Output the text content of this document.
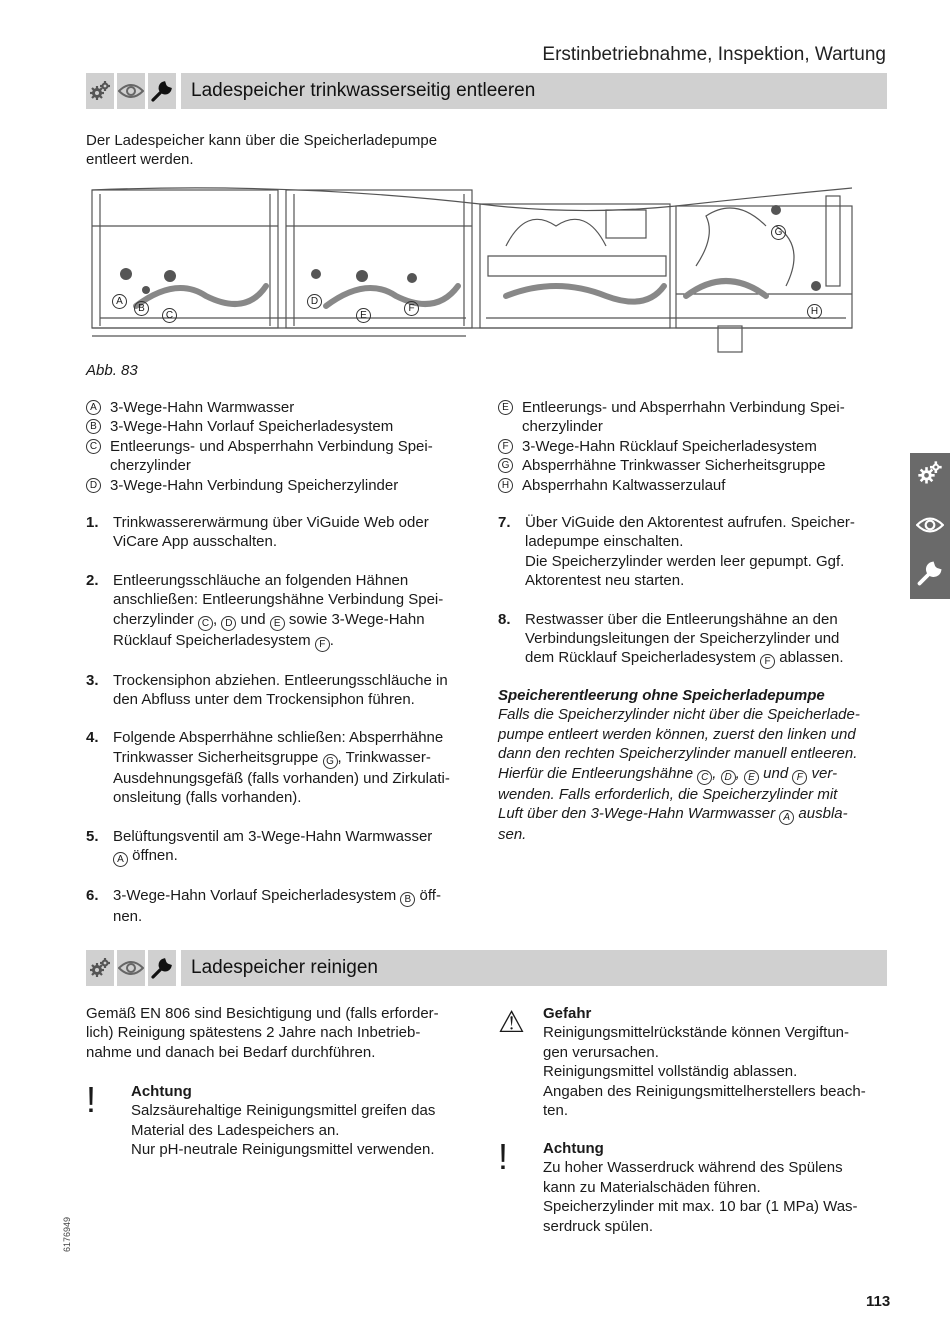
Erstinbetriebnahme, Inspektion, Wartung
Ladespeicher trinkwasserseitig entleeren
Der Ladespeicher kann über die Speicherladepumpe
entleert werden.
A
B
C
D
E
F
G
H
Abb. 83
A 3-Wege-Hahn Warmwasser
B 3-Wege-Hahn Vorlauf Speicherladesystem
C Entleerungs- und Absperrhahn Verbindung Spei-
cherzylinder
D 3-Wege-Hahn Verbindung Speicherzylinder
E Entleerungs- und Absperrhahn Verbindung Spei-
cherzylinder
F 3-Wege-Hahn Rücklauf Speicherladesystem
G Absperrhähne Trinkwasser Sicherheitsgruppe
H Absperrhahn Kaltwasserzulauf
1. Trinkwassererwärmung über ViGuide Web oder
ViCare App ausschalten.
2. Entleerungsschläuche an folgenden Hähnen
anschließen: Entleerungshähne Verbindung Spei-
cherzylinder C , D und E sowie 3-Wege-Hahn
Rücklauf Speicherladesystem F .
3. Trockensiphon abziehen. Entleerungsschläuche in
den Abfluss unter dem Trockensiphon führen.
4. Folgende Absperrhähne schließen: Absperrhähne
Trinkwasser Sicherheitsgruppe G , Trinkwasser-
Ausdehnungsgefäß (falls vorhanden) und Zirkulati-
onsleitung (falls vorhanden).
5. Belüftungsventil am 3-Wege-Hahn Warmwasser
A öffnen.
6. 3-Wege-Hahn Vorlauf Speicherladesystem B öff-
nen.
7. Über ViGuide den Aktorentest aufrufen. Speicher-
ladepumpe einschalten.
Die Speicherzylinder werden leer gepumpt. Ggf.
Aktorentest neu starten.
8. Restwasser über die Entleerungshähne an den
Verbindungsleitungen der Speicherzylinder und
dem Rücklauf Speicherladesystem F ablassen.
Speicherentleerung ohne Speicherladepumpe
Falls die Speicherzylinder nicht über die Speicherlade-
pumpe entleert werden können, zuerst den linken und
dann den rechten Speicherzylinder manuell entleeren.
Hierfür die Entleerungshähne C , D , E und F ver-
wenden. Falls erforderlich, die Speicherzylinder mit
Luft über den 3-Wege-Hahn Warmwasser A ausbla-
sen.
Ladespeicher reinigen
Gemäß EN 806 sind Besichtigung und (falls erforder-
lich) Reinigung spätestens 2 Jahre nach Inbetrieb-
nahme und danach bei Bedarf durchführen.
! Achtung
Salzsäurehaltige Reinigungsmittel greifen das
Material des Ladespeichers an.
Nur pH-neutrale Reinigungsmittel verwenden.
⚠ Gefahr
Reinigungsmittelrückstände können Vergiftun-
gen verursachen.
Reinigungsmittel vollständig ablassen.
Angaben des Reinigungsmittelherstellers beach-
ten.
! Achtung
Zu hoher Wasserdruck während des Spülens
kann zu Materialschäden führen.
Speicherzylinder mit max. 10 bar (1 MPa) Was-
serdruck spülen.
6176949
113
